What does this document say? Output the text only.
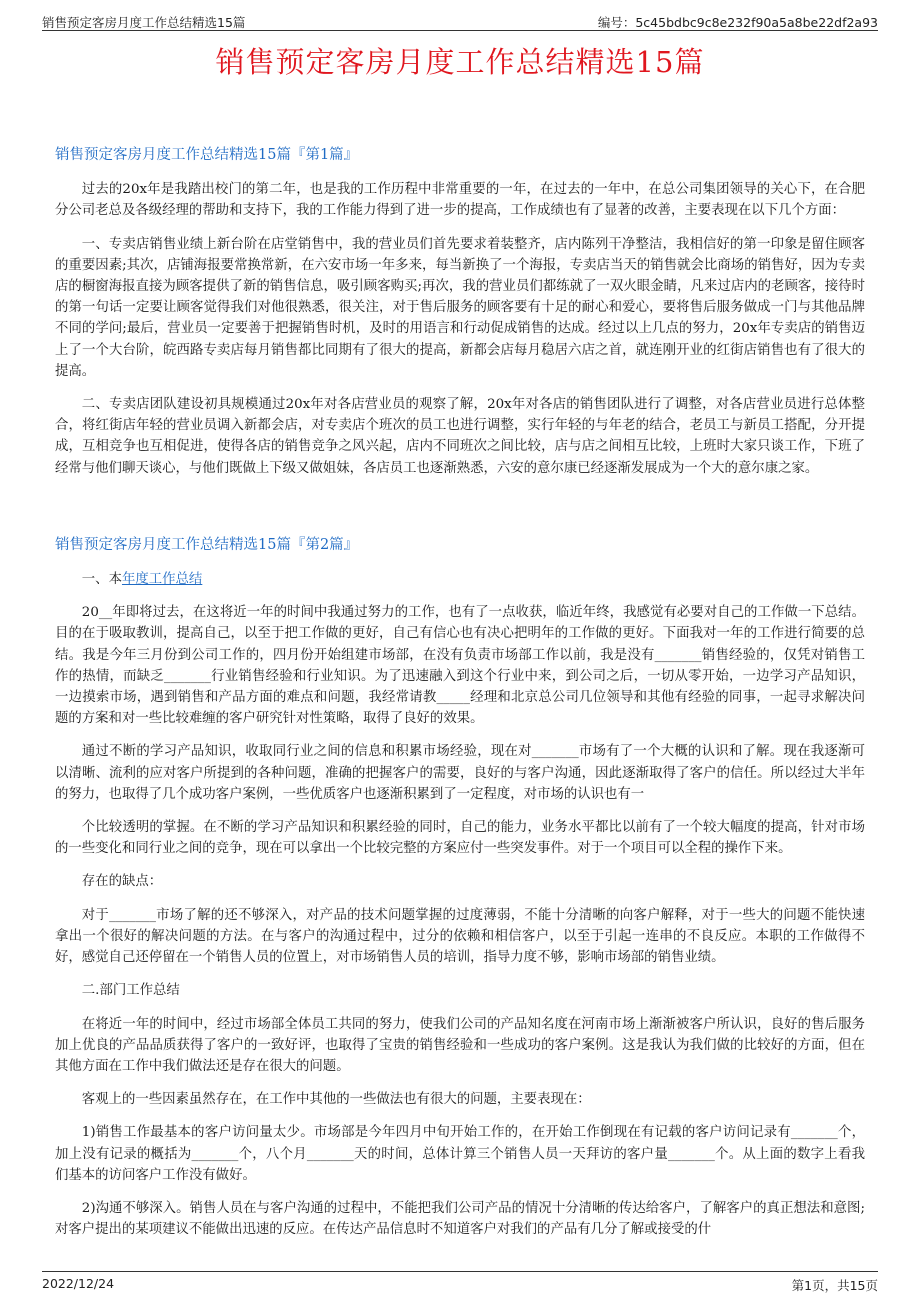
销售预定客房月度工作总结精选15篇	编号：5c45bdbc9c8e232f90a5a8be22df2a93
销售预定客房月度工作总结精选15篇
销售预定客房月度工作总结精选15篇『第1篇』

过去的20x年是我踏出校门的第二年，也是我的工作历程中非常重要的一年，在过去的一年中，在总公司集团领导的关心下，在合肥分公司老总及各级经理的帮助和支持下，我的工作能力得到了进一步的提高，工作成绩也有了显著的改善，主要表现在以下几个方面：

一、专卖店销售业绩上新台阶在店堂销售中，我的营业员们首先要求着装整齐，店内陈列干净整洁，我相信好的第一印象是留住顾客的重要因素;其次，店铺海报要常换常新，在六安市场一年多来，每当新换了一个海报，专卖店当天的销售就会比商场的销售好，因为专卖店的橱窗海报直接为顾客提供了新的销售信息，吸引顾客购买;再次，我的营业员们都练就了一双火眼金睛，凡来过店内的老顾客，接待时的第一句话一定要让顾客觉得我们对他很熟悉，很关注，对于售后服务的顾客要有十足的耐心和爱心，要将售后服务做成一门与其他品牌不同的学问;最后，营业员一定要善于把握销售时机，及时的用语言和行动促成销售的达成。经过以上几点的努力，20x年专卖店的销售迈上了一个大台阶，皖西路专卖店每月销售都比同期有了很大的提高，新都会店每月稳居六店之首，就连刚开业的红街店销售也有了很大的提高。

二、专卖店团队建设初具规模通过20x年对各店营业员的观察了解，20x年对各店的销售团队进行了调整，对各店营业员进行总体整合，将红街店年轻的营业员调入新都会店，对专卖店个班次的员工也进行调整，实行年轻的与年老的结合，老员工与新员工搭配，分开提成，互相竞争也互相促进，使得各店的销售竞争之风兴起，店内不同班次之间比较，店与店之间相互比较，上班时大家只谈工作，下班了经常与他们聊天谈心，与他们既做上下级又做姐妹，各店员工也逐渐熟悉，六安的意尔康已经逐渐发展成为一个大的意尔康之家。

销售预定客房月度工作总结精选15篇『第2篇』

一、本年度工作总结

20__年即将过去，在这将近一年的时间中我通过努力的工作，也有了一点收获，临近年终，我感觉有必要对自己的工作做一下总结。目的在于吸取教训，提高自己，以至于把工作做的更好，自己有信心也有决心把明年的工作做的更好。下面我对一年的工作进行简要的总结。我是今年三月份到公司工作的，四月份开始组建市场部，在没有负责市场部工作以前，我是没有_______销售经验的，仅凭对销售工作的热情，而缺乏_______行业销售经验和行业知识。为了迅速融入到这个行业中来，到公司之后，一切从零开始，一边学习产品知识，一边摸索市场，遇到销售和产品方面的难点和问题，我经常请教_____经理和北京总公司几位领导和其他有经验的同事，一起寻求解决问题的方案和对一些比较难缠的客户研究针对性策略，取得了良好的效果。

通过不断的学习产品知识，收取同行业之间的信息和积累市场经验，现在对_______市场有了一个大概的认识和了解。现在我逐渐可以清晰、流利的应对客户所提到的各种问题，准确的把握客户的需要，良好的与客户沟通，因此逐渐取得了客户的信任。所以经过大半年的努力，也取得了几个成功客户案例，一些优质客户也逐渐积累到了一定程度，对市场的认识也有一

个比较透明的掌握。在不断的学习产品知识和积累经验的同时，自己的能力，业务水平都比以前有了一个较大幅度的提高，针对市场的一些变化和同行业之间的竞争，现在可以拿出一个比较完整的方案应付一些突发事件。对于一个项目可以全程的操作下来。

存在的缺点：

对于_______市场了解的还不够深入，对产品的技术问题掌握的过度薄弱，不能十分清晰的向客户解释，对于一些大的问题不能快速拿出一个很好的解决问题的方法。在与客户的沟通过程中，过分的依赖和相信客户，以至于引起一连串的不良反应。本职的工作做得不好，感觉自己还停留在一个销售人员的位置上，对市场销售人员的培训，指导力度不够，影响市场部的销售业绩。

二.部门工作总结

在将近一年的时间中，经过市场部全体员工共同的努力，使我们公司的产品知名度在河南市场上渐渐被客户所认识，良好的售后服务加上优良的产品品质获得了客户的一致好评，也取得了宝贵的销售经验和一些成功的客户案例。这是我认为我们做的比较好的方面，但在其他方面在工作中我们做法还是存在很大的问题。

客观上的一些因素虽然存在，在工作中其他的一些做法也有很大的问题，主要表现在：

1)销售工作最基本的客户访问量太少。市场部是今年四月中旬开始工作的，在开始工作倒现在有记载的客户访问记录有_______个，加上没有记录的概括为_______个，八个月_______天的时间，总体计算三个销售人员一天拜访的客户量_______个。从上面的数字上看我们基本的访问客户工作没有做好。

2)沟通不够深入。销售人员在与客户沟通的过程中，不能把我们公司产品的情况十分清晰的传达给客户，了解客户的真正想法和意图;对客户提出的某项建议不能做出迅速的反应。在传达产品信息时不知道客户对我们的产品有几分了解或接受的什

2022/12/24	第1页，共15页
